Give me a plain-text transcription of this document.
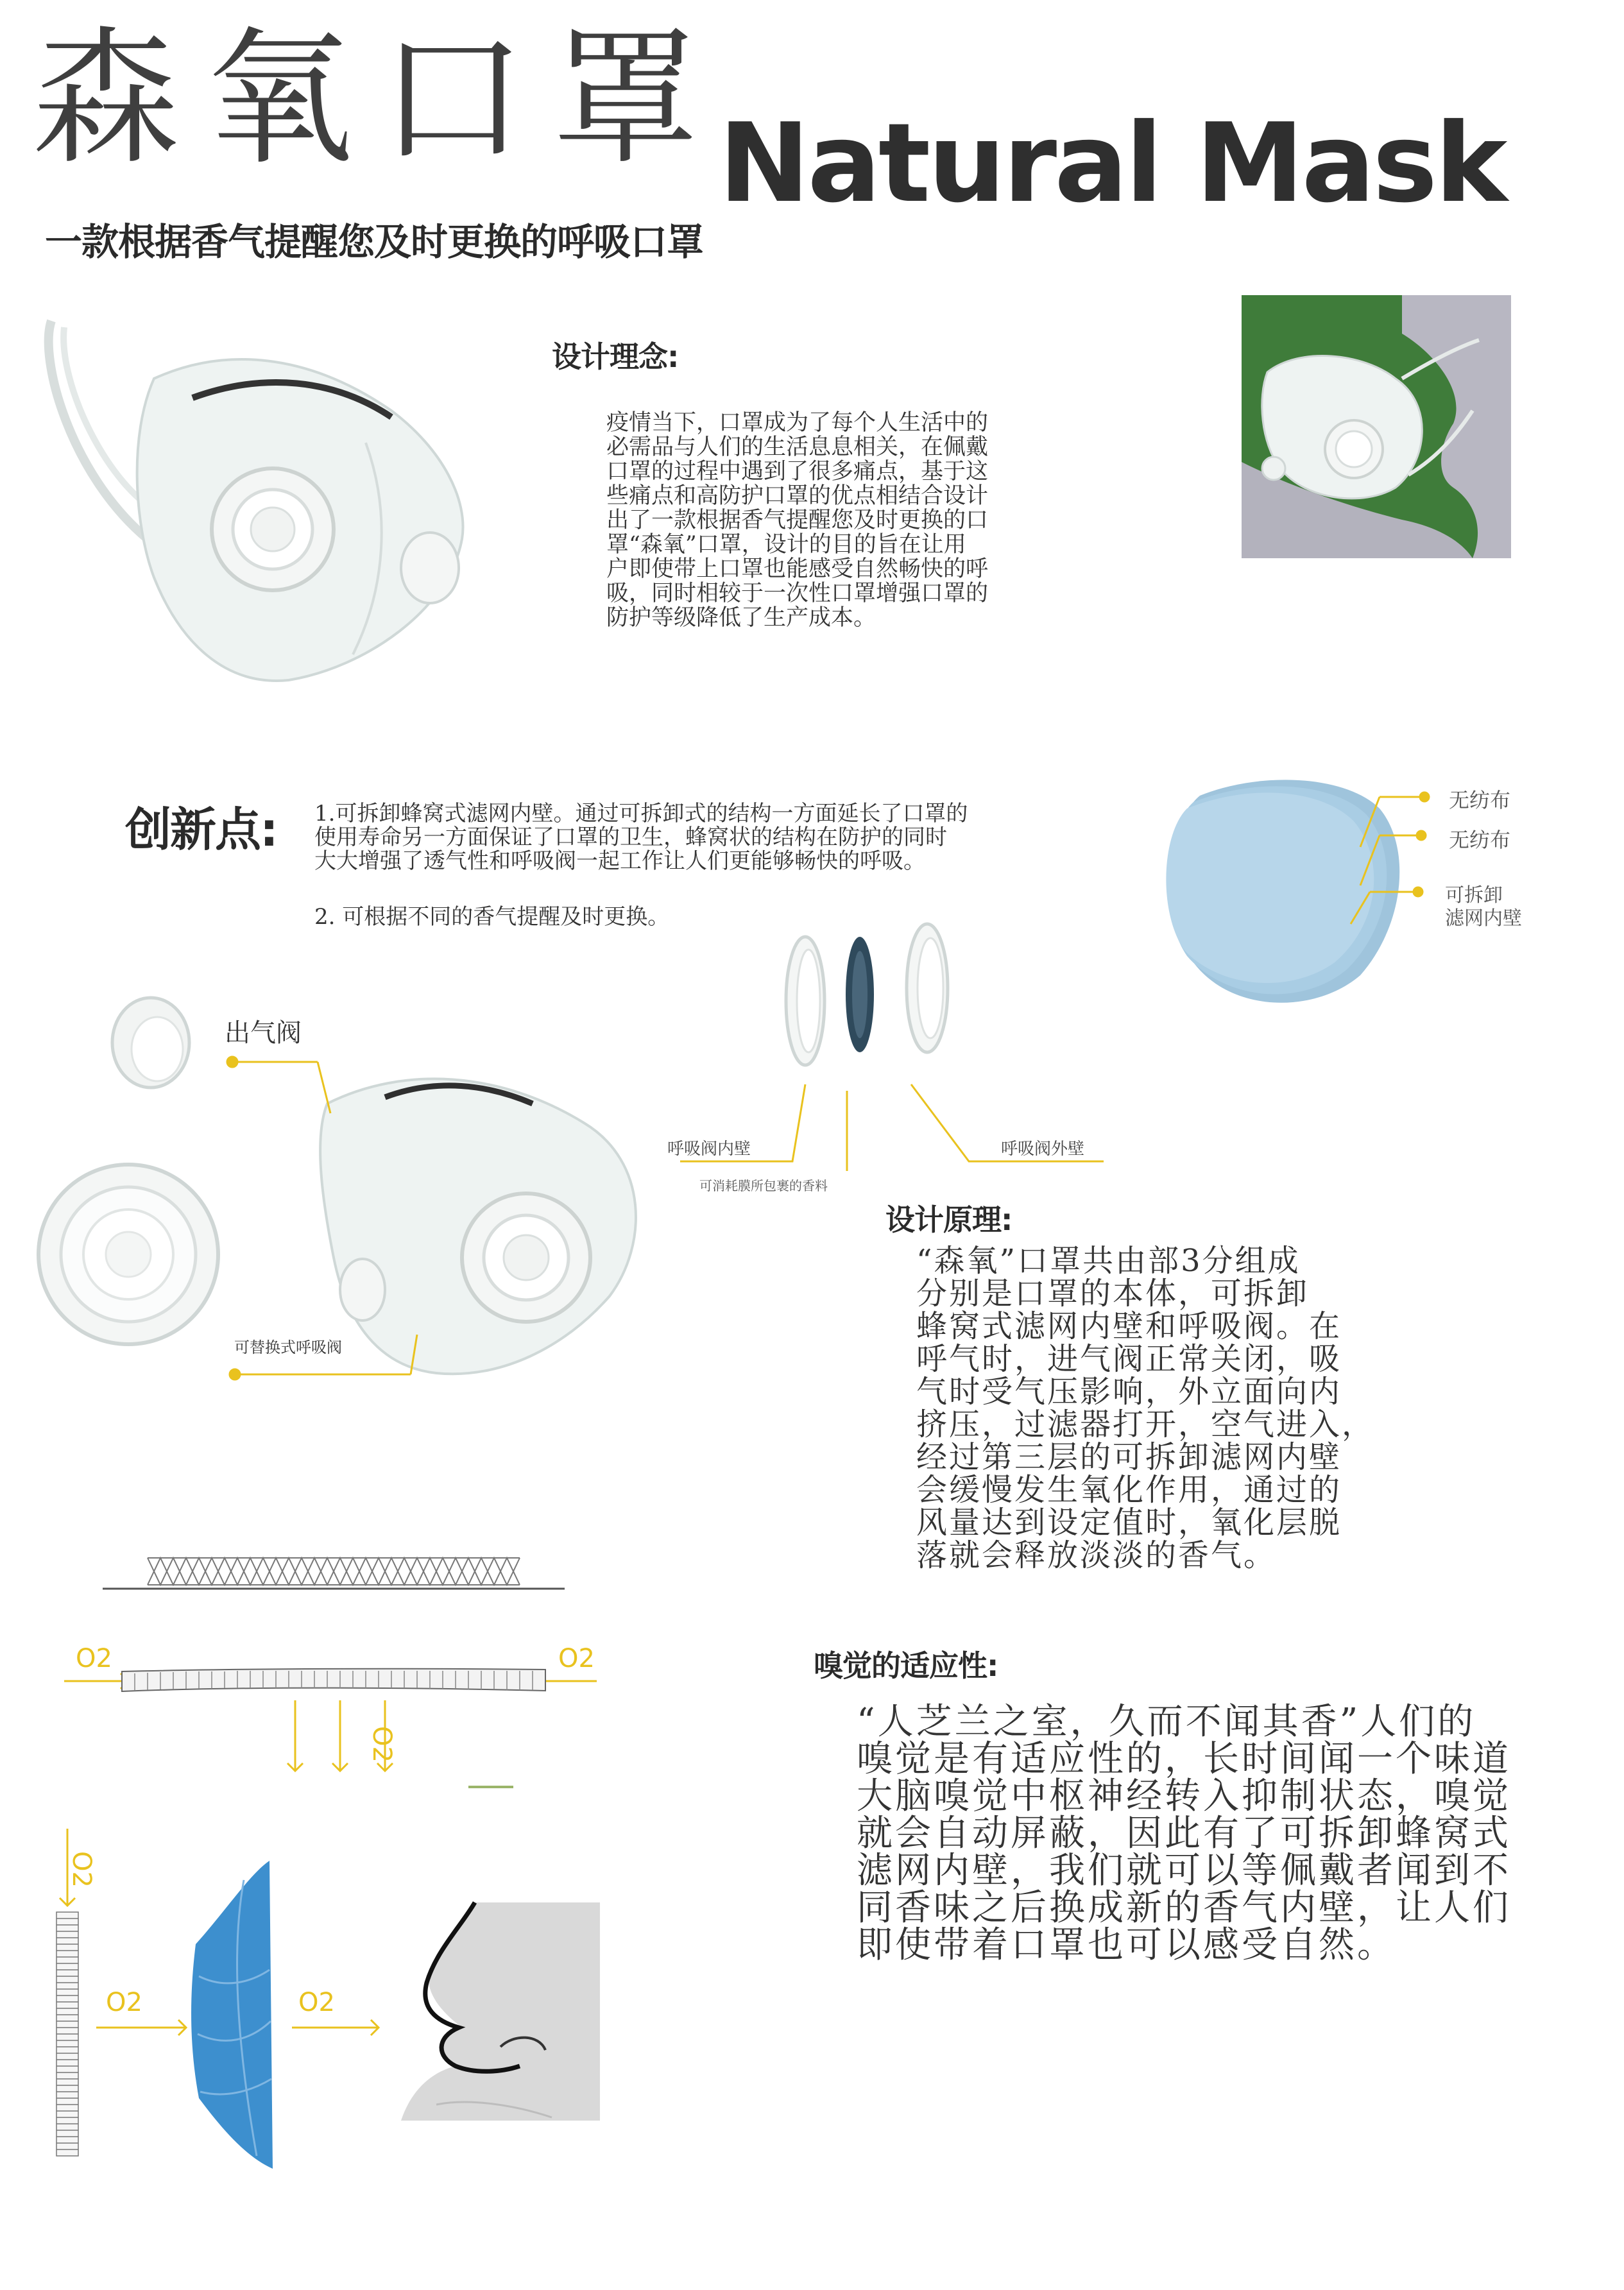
森氧口罩
Natural Mask
一款根据香气提醒您及时更换的呼吸口罩
设计理念:
疫情当下，口罩成为了每个人生活中的
必需品与人们的生活息息相关，在佩戴
口罩的过程中遇到了很多痛点，基于这
些痛点和高防护口罩的优点相结合设计
出了一款根据香气提醒您及时更换的口
罩“森氧”口罩，设计的目的旨在让用
户即使带上口罩也能感受自然畅快的呼
吸，同时相较于一次性口罩增强口罩的
防护等级降低了生产成本。
创新点: 1.可拆卸蜂窝式滤网内壁。通过可拆卸式的结构一方面延长了口罩的
使用寿命另一方面保证了口罩的卫生，蜂窝状的结构在防护的同时
大大增强了透气性和呼吸阀一起工作让人们更能够畅快的呼吸。
2. 可根据不同的香气提醒及时更换。
无纺布
无纺布
可拆卸
滤网内壁
呼吸阀内壁	呼吸阀外壁
可消耗膜所包裹的香料
出气阀
可替换式呼吸阀
设计原理:
“森氧”口罩共由部3分组成
分别是口罩的本体，可拆卸
蜂窝式滤网内壁和呼吸阀。在
呼气时，进气阀正常关闭，吸
气时受气压影响，外立面向内
挤压，过滤器打开，空气进入，
经过第三层的可拆卸滤网内壁
会缓慢发生氧化作用，通过的
风量达到设定值时，氧化层脱
落就会释放淡淡的香气。
O2	O2
O2
O2
O2	O2
嗅觉的适应性:
“人芝兰之室，久而不闻其香”人们的
嗅觉是有适应性的，长时间闻一个味道
大脑嗅觉中枢神经转入抑制状态，嗅觉
就会自动屏蔽，因此有了可拆卸蜂窝式
滤网内壁，我们就可以等佩戴者闻到不
同香味之后换成新的香气内壁，让人们
即使带着口罩也可以感受自然。
